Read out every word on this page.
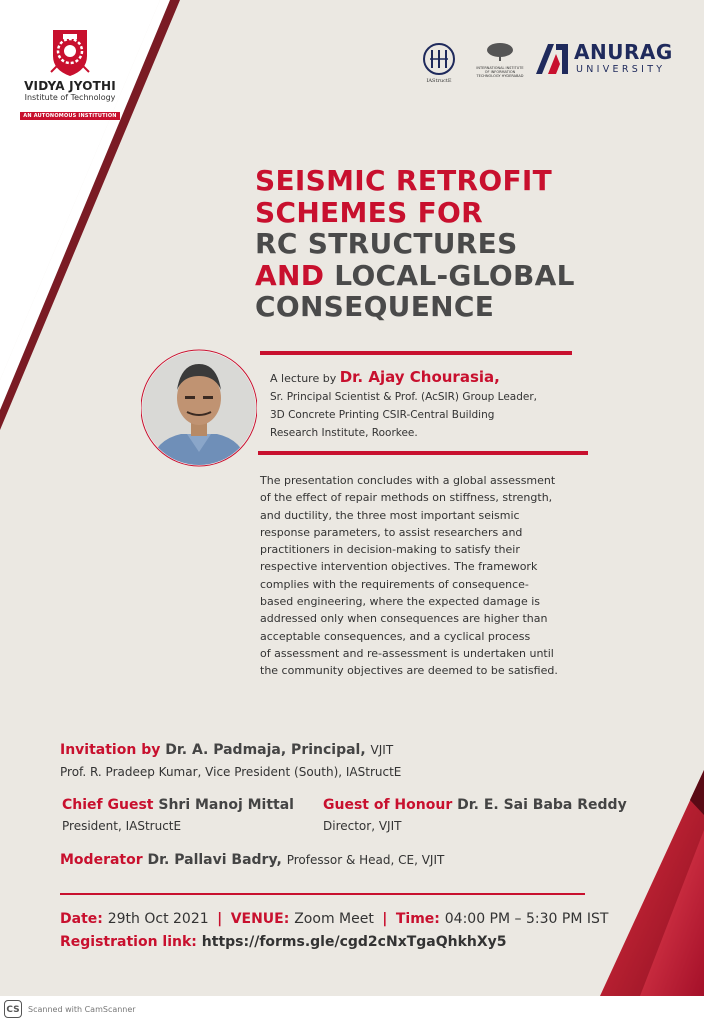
VIDYA JYOTHI
Institute of Technology
AN AUTONOMOUS INSTITUTION
IAStructE
INTERNATIONAL INSTITUTE OF INFORMATION TECHNOLOGY HYDERABAD
ANURAG
UNIVERSITY
SEISMIC RETROFIT
SCHEMES FOR
RC STRUCTURES
AND LOCAL-GLOBAL
CONSEQUENCE
A lecture by Dr. Ajay Chourasia,
Sr. Principal Scientist & Prof. (AcSIR) Group Leader,
3D Concrete Printing CSIR-Central Building
Research Institute, Roorkee.

The presentation concludes with a global assessment

of the effect of repair methods on stiffness, strength,

and ductility, the three most important seismic

response parameters, to assist researchers and

practitioners in decision-making to satisfy their

respective intervention objectives. The framework

complies with the requirements of consequence-

based engineering, where the expected damage is

addressed only when consequences are higher than

acceptable consequences, and a cyclical process

of assessment and re-assessment is undertaken until

the community objectives are deemed to be satisfied.

Invitation by Dr. A. Padmaja, Principal, VJIT
Prof. R. Pradeep Kumar, Vice President (South), IAStructE
Chief Guest Shri Manoj Mittal
President, IAStructE
Guest of Honour Dr. E. Sai Baba Reddy
Director, VJIT
Moderator Dr. Pallavi Badry, Professor & Head, CE, VJIT
Date: 29th Oct 2021 | VENUE: Zoom Meet | Time: 04:00 PM – 5:30 PM IST
Registration link: https://forms.gle/cgd2cNxTgaQhkhXy5
CS Scanned with CamScanner
